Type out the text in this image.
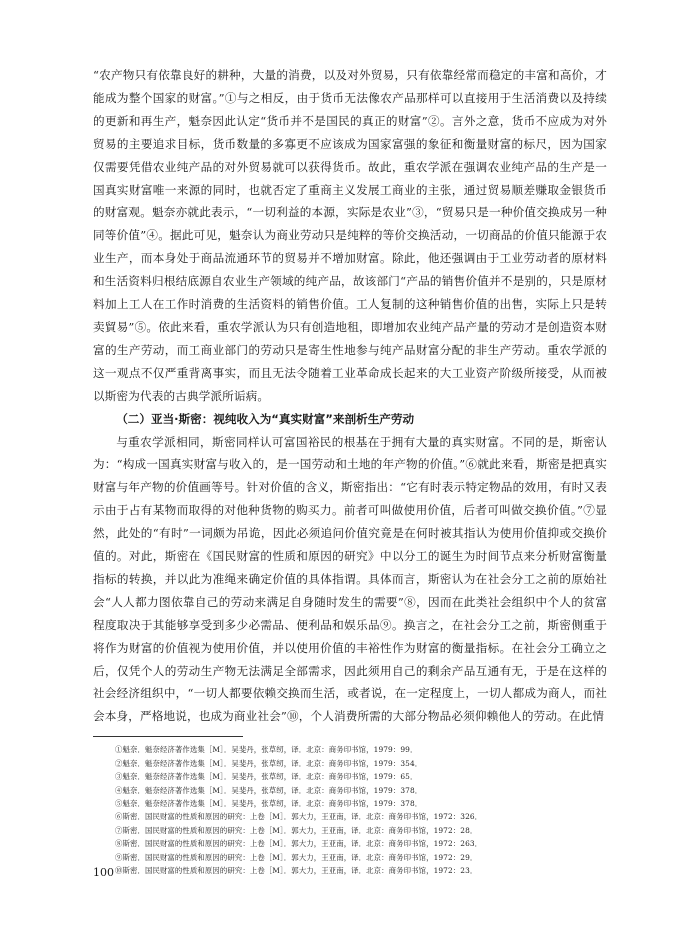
“农产物只有依靠良好的耕种，大量的消费，以及对外贸易，只有依靠经常而稳定的丰富和高价，才能成为整个国家的财富。”①与之相反，由于货币无法像农产品那样可以直接用于生活消费以及持续的更新和再生产，魁奈因此认定“货币并不是国民的真正的财富”②。言外之意，货币不应成为对外贸易的主要追求目标，货币数量的多寡更不应该成为国家富强的象征和衡量财富的标尺，因为国家仅需要凭借农业纯产品的对外贸易就可以获得货币。故此，重农学派在强调农业纯产品的生产是一国真实财富唯一来源的同时，也就否定了重商主义发展工商业的主张，通过贸易顺差赚取金银货币的财富观。魁奈亦就此表示，“一切利益的本源，实际是农业”③，“贸易只是一种价值交换成另一种同等价值”④。据此可见，魁奈认为商业劳动只是纯粹的等价交换活动，一切商品的价值只能源于农业生产，而本身处于商品流通环节的贸易并不增加财富。除此，他还强调由于工业劳动者的原材料和生活资料归根结底源自农业生产领域的纯产品，故该部门“产品的销售价值并不是别的，只是原材料加上工人在工作时消费的生活资料的销售价值。工人复制的这种销售价值的出售，实际上只是转卖貿易”⑤。依此来看，重农学派认为只有创造地租，即增加农业纯产品产量的劳动才是创造资本财富的生产劳动，而工商业部门的劳动只是寄生性地参与纯产品财富分配的非生产劳动。重农学派的这一观点不仅严重背离事实，而且无法令随着工业革命成长起来的大工业资产阶级所接受，从而被以斯密为代表的古典学派所诟病。

（二）亚当·斯密：视纯收入为“真实财富”来剖析生产劳动

与重农学派相同，斯密同样认可富国裕民的根基在于拥有大量的真实财富。不同的是，斯密认为：“构成一国真实财富与收入的，是一国劳动和土地的年产物的价值。”⑥就此来看，斯密是把真实财富与年产物的价值画等号。针对价值的含义，斯密指出：“它有时表示特定物品的效用，有时又表示由于占有某物而取得的对他种货物的购买力。前者可叫做使用价值，后者可叫做交换价值。”⑦显然，此处的“有时”一词颇为吊诡，因此必须追问价值究竟是在何时被其指认为使用价值抑或交换价值的。对此，斯密在《国民财富的性质和原因的研究》中以分工的诞生为时间节点来分析财富衡量指标的转换，并以此为准绳来确定价值的具体指谓。具体而言，斯密认为在社会分工之前的原始社会“人人都力图依靠自己的劳动来满足自身随时发生的需要”⑧，因而在此类社会组织中个人的贫富程度取决于其能够享受到多少必需品、便利品和娱乐品⑨。换言之，在社会分工之前，斯密侧重于将作为财富的价值视为使用价值，并以使用价值的丰裕性作为财富的衡量指标。在社会分工确立之后，仅凭个人的劳动生产物无法满足全部需求，因此须用自己的剩余产品互通有无，于是在这样的社会经济组织中，“一切人都要依赖交换而生活，或者说，在一定程度上，一切人都成为商人，而社会本身，严格地说，也成为商业社会”⑩，个人消费所需的大部分物品必须仰赖他人的劳动。在此情

①魁奈．魁奈经济著作选集［M］．吴斐丹，张草纫，译．北京：商务印书馆，1979：99．
②魁奈．魁奈经济著作选集［M］．吴斐丹，张草纫，译．北京：商务印书馆，1979：354．
③魁奈．魁奈经济著作选集［M］．吴斐丹，张草纫，译．北京：商务印书馆，1979：65．
④魁奈．魁奈经济著作选集［M］．吴斐丹，张草纫，译．北京：商务印书馆，1979：378．
⑤魁奈．魁奈经济著作选集［M］．吴斐丹，张草纫，译．北京：商务印书馆，1979：378．
⑥斯密．国民财富的性质和原因的研究：上卷［M］．郭大力，王亚南，译．北京：商务印书馆，1972：326．
⑦斯密．国民财富的性质和原因的研究：上卷［M］．郭大力，王亚南，译．北京：商务印书馆，1972：28．
⑧斯密．国民财富的性质和原因的研究：上卷［M］．郭大力，王亚南，译．北京：商务印书馆，1972：263．
⑨斯密．国民财富的性质和原因的研究：上卷［M］．郭大力，王亚南，译．北京：商务印书馆，1972：29．
⑩斯密．国民财富的性质和原因的研究：上卷［M］．郭大力，王亚南，译．北京：商务印书馆，1972：23．
100
